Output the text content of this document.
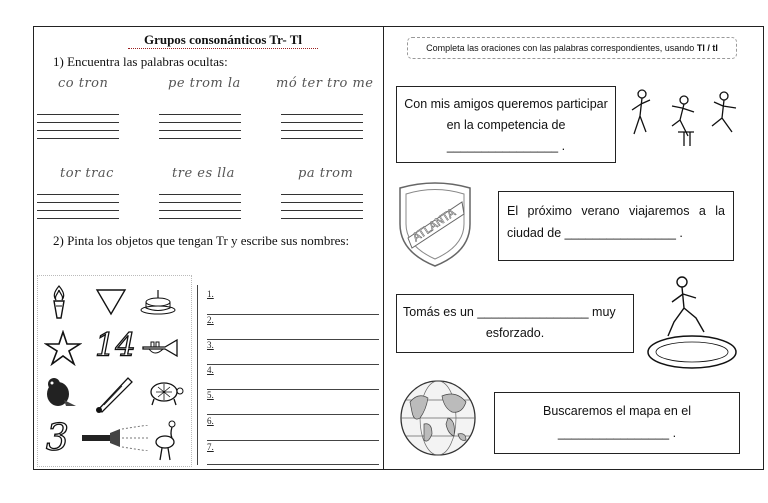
Grupos consonánticos Tr- Tl
1) Encuentra las palabras ocultas:
co tron	pe trom la	mó ter tro me
tor trac	tre es lla	pa trom
2) Pinta los objetos que tengan Tr y escribe sus nombres:
14
3
1.
2.
3.
4.
5.
6.
7.
Completa las oraciones con las palabras correspondientes, usando Tl / tl

Con mis amigos queremos participar

en la competencia de

________________ .

ATLANTA	El próximo verano viajaremos a la

ciudad de ________________ .

Tomás es un ________________ muy

esforzado.

Buscaremos el mapa en el

________________ .
